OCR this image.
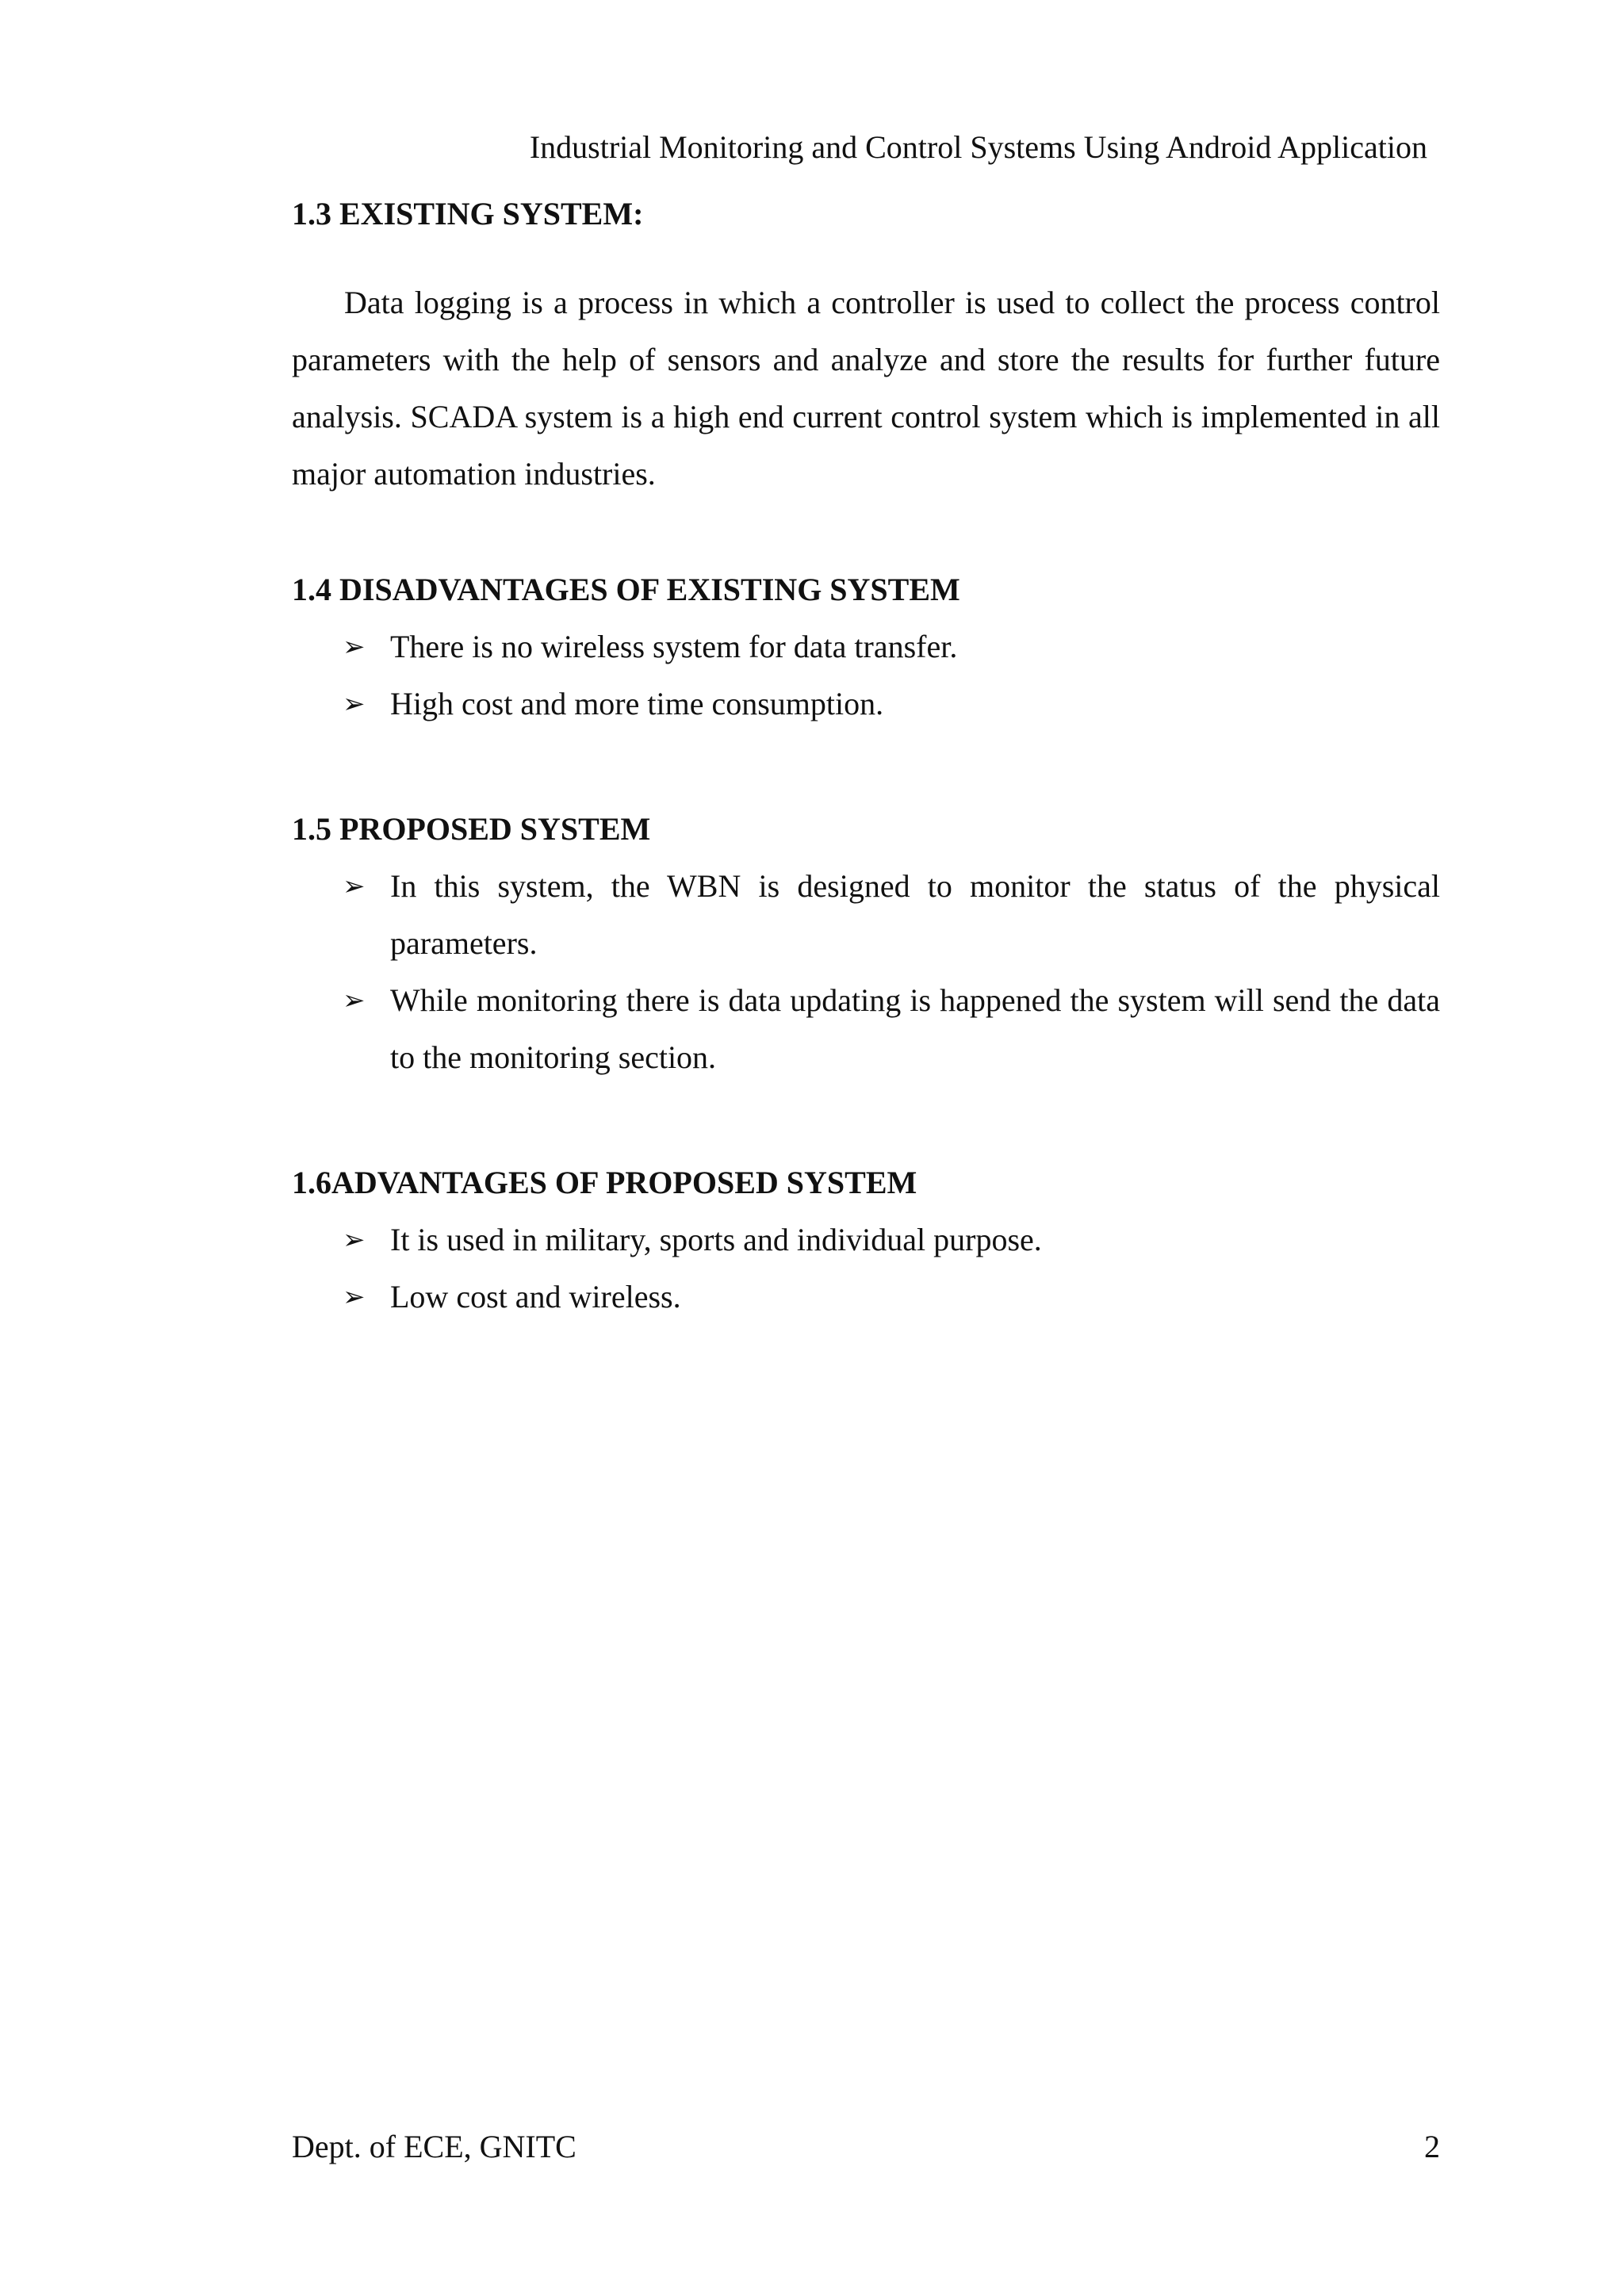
Industrial Monitoring and Control Systems Using Android Application
1.3 EXISTING SYSTEM:

Data logging is a process in which a controller is used to collect the process control parameters with the help of sensors and analyze and store the results for further future analysis. SCADA system is a high end current control system which is implemented in all major automation industries.

1.4 DISADVANTAGES OF EXISTING SYSTEM
➢ There is no wireless system for data transfer.
➢ High cost and more time consumption.
1.5 PROPOSED SYSTEM
➢ In this system, the WBN is designed to monitor the status of the physical parameters.
➢ While monitoring there is data updating is happened the system will send the data to the monitoring section.
1.6ADVANTAGES OF PROPOSED SYSTEM
➢ It is used in military, sports and individual purpose.
➢ Low cost and wireless.
Dept. of ECE, GNITC	2
